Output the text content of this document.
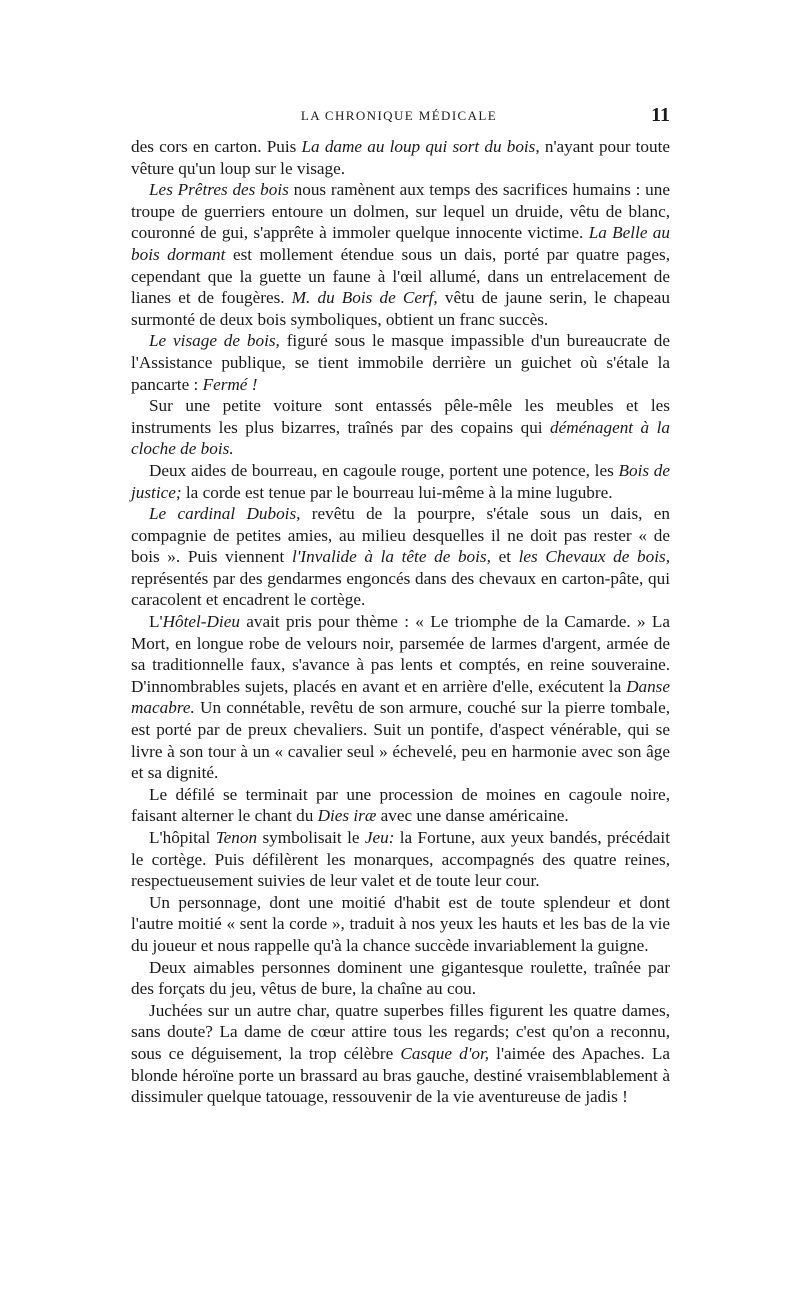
LA CHRONIQUE MÉDICALE	11

des cors en carton. Puis La dame au loup qui sort du bois, n'ayant pour toute vêture qu'un loup sur le visage.

Les Prêtres des bois nous ramènent aux temps des sacrifices humains : une troupe de guerriers entoure un dolmen, sur lequel un druide, vêtu de blanc, couronné de gui, s'apprête à immoler quelque innocente victime. La Belle au bois dormant est mollement étendue sous un dais, porté par quatre pages, cependant que la guette un faune à l'œil allumé, dans un entrelacement de lianes et de fougères. M. du Bois de Cerf, vêtu de jaune serin, le chapeau surmonté de deux bois symboliques, obtient un franc succès.

Le visage de bois, figuré sous le masque impassible d'un bureaucrate de l'Assistance publique, se tient immobile derrière un guichet où s'étale la pancarte : Fermé !

Sur une petite voiture sont entassés pêle-mêle les meubles et les instruments les plus bizarres, traînés par des copains qui déménagent à la cloche de bois.

Deux aides de bourreau, en cagoule rouge, portent une potence, les Bois de justice; la corde est tenue par le bourreau lui-même à la mine lugubre.

Le cardinal Dubois, revêtu de la pourpre, s'étale sous un dais, en compagnie de petites amies, au milieu desquelles il ne doit pas rester « de bois ». Puis viennent l'Invalide à la tête de bois, et les Chevaux de bois, représentés par des gendarmes engoncés dans des chevaux en carton-pâte, qui caracolent et encadrent le cortège.

L'Hôtel-Dieu avait pris pour thème : « Le triomphe de la Camarde. » La Mort, en longue robe de velours noir, parsemée de larmes d'argent, armée de sa traditionnelle faux, s'avance à pas lents et comptés, en reine souveraine. D'innombrables sujets, placés en avant et en arrière d'elle, exécutent la Danse macabre. Un connétable, revêtu de son armure, couché sur la pierre tombale, est porté par de preux chevaliers. Suit un pontife, d'aspect vénérable, qui se livre à son tour à un « cavalier seul » échevelé, peu en harmonie avec son âge et sa dignité.

Le défilé se terminait par une procession de moines en cagoule noire, faisant alterner le chant du Dies iræ avec une danse américaine.

L'hôpital Tenon symbolisait le Jeu: la Fortune, aux yeux bandés, précédait le cortège. Puis défilèrent les monarques, accompagnés des quatre reines, respectueusement suivies de leur valet et de toute leur cour.

Un personnage, dont une moitié d'habit est de toute splendeur et dont l'autre moitié « sent la corde », traduit à nos yeux les hauts et les bas de la vie du joueur et nous rappelle qu'à la chance succède invariablement la guigne.

Deux aimables personnes dominent une gigantesque roulette, traînée par des forçats du jeu, vêtus de bure, la chaîne au cou.

Juchées sur un autre char, quatre superbes filles figurent les quatre dames, sans doute? La dame de cœur attire tous les regards; c'est qu'on a reconnu, sous ce déguisement, la trop célèbre Casque d'or, l'aimée des Apaches. La blonde héroïne porte un brassard au bras gauche, destiné vraisemblablement à dissimuler quelque tatouage, ressouvenir de la vie aventureuse de jadis !
